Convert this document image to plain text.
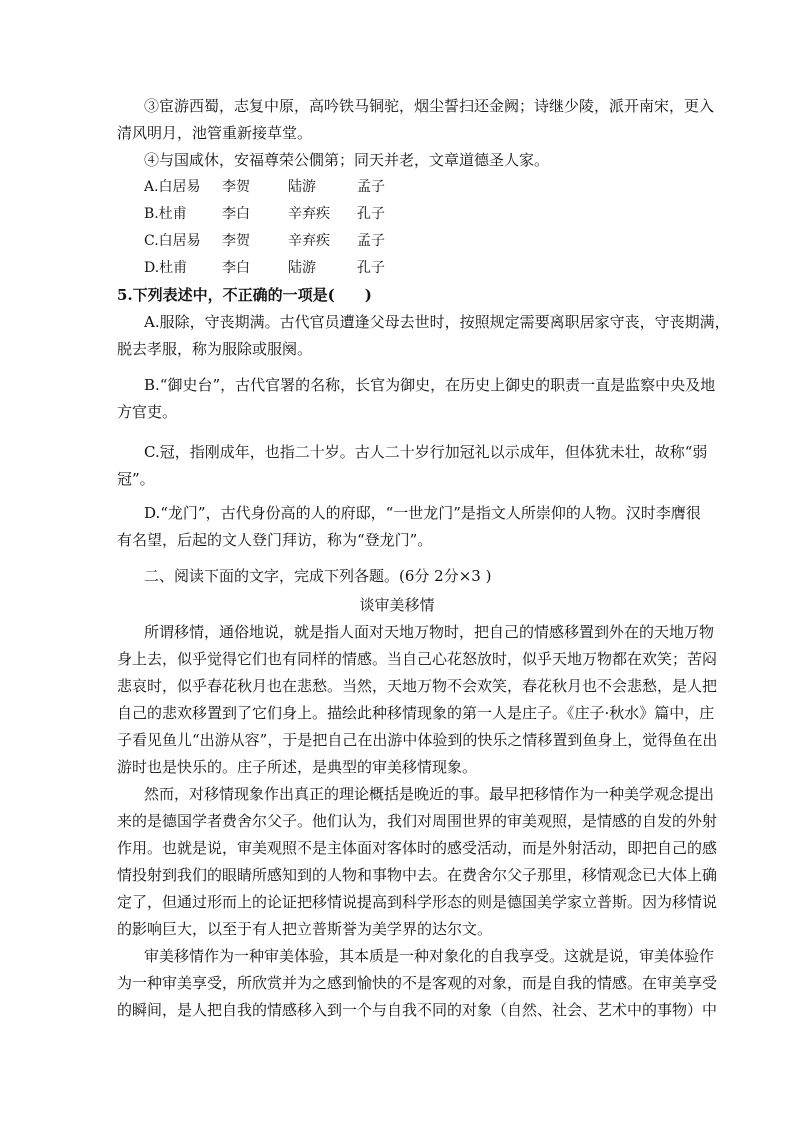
③宦游西蜀，志复中原，高吟铁马铜驼，烟尘誓扫还金阙；诗继少陵，派开南宋，更入
清风明月，池管重新接草堂。
④与国咸休，安福尊荣公僩第；同天并老，文章道德圣人家。
A.白居易 李贺	陆游	孟子
B.杜甫	李白	辛弃疾 孔子
C.白居易 李贺	辛弃疾 孟子
D.杜甫 李白	陆游	孔子
5.下列表述中，不正确的一项是(　　)
A.服除，守丧期满。古代官员遭逢父母去世时，按照规定需要离职居家守丧，守丧期满，
脱去孝服，称为服除或服阕。
B.“御史台”，古代官署的名称，长官为御史，在历史上御史的职责一直是监察中央及地
方官吏。
C.冠，指刚成年，也指二十岁。古人二十岁行加冠礼以示成年，但体犹未壮，故称“弱
冠”。
D.“龙门”，古代身份高的人的府邸，“一世龙门”是指文人所崇仰的人物。汉时李膺很
有名望，后起的文人登门拜访，称为“登龙门”。
二、阅读下面的文字，完成下列各题。(6分 2分×3 )
谈审美移情
所谓移情，通俗地说，就是指人面对天地万物时，把自己的情感移置到外在的天地万物
身上去，似乎觉得它们也有同样的情感。当自己心花怒放时，似乎天地万物都在欢笑；苦闷
悲哀时，似乎春花秋月也在悲愁。当然，天地万物不会欢笑，春花秋月也不会悲愁，是人把
自己的悲欢移置到了它们身上。描绘此种移情现象的第一人是庄子。《庄子·秋水》篇中，庄
子看见鱼儿“出游从容”，于是把自己在出游中体验到的快乐之情移置到鱼身上，觉得鱼在出
游时也是快乐的。庄子所述，是典型的审美移情现象。
然而，对移情现象作出真正的理论概括是晚近的事。最早把移情作为一种美学观念提出
来的是德国学者费舍尔父子。他们认为，我们对周围世界的审美观照，是情感的自发的外射
作用。也就是说，审美观照不是主体面对客体时的感受活动，而是外射活动，即把自己的感
情投射到我们的眼睛所感知到的人物和事物中去。在费舍尔父子那里，移情观念已大体上确
定了，但通过形而上的论证把移情说提高到科学形态的则是德国美学家立普斯。因为移情说
的影响巨大，以至于有人把立普斯誉为美学界的达尔文。
审美移情作为一种审美体验，其本质是一种对象化的自我享受。这就是说，审美体验作
为一种审美享受，所欣赏并为之感到愉快的不是客观的对象，而是自我的情感。在审美享受
的瞬间，是人把自我的情感移入到一个与自我不同的对象（自然、社会、艺术中的事物）中
